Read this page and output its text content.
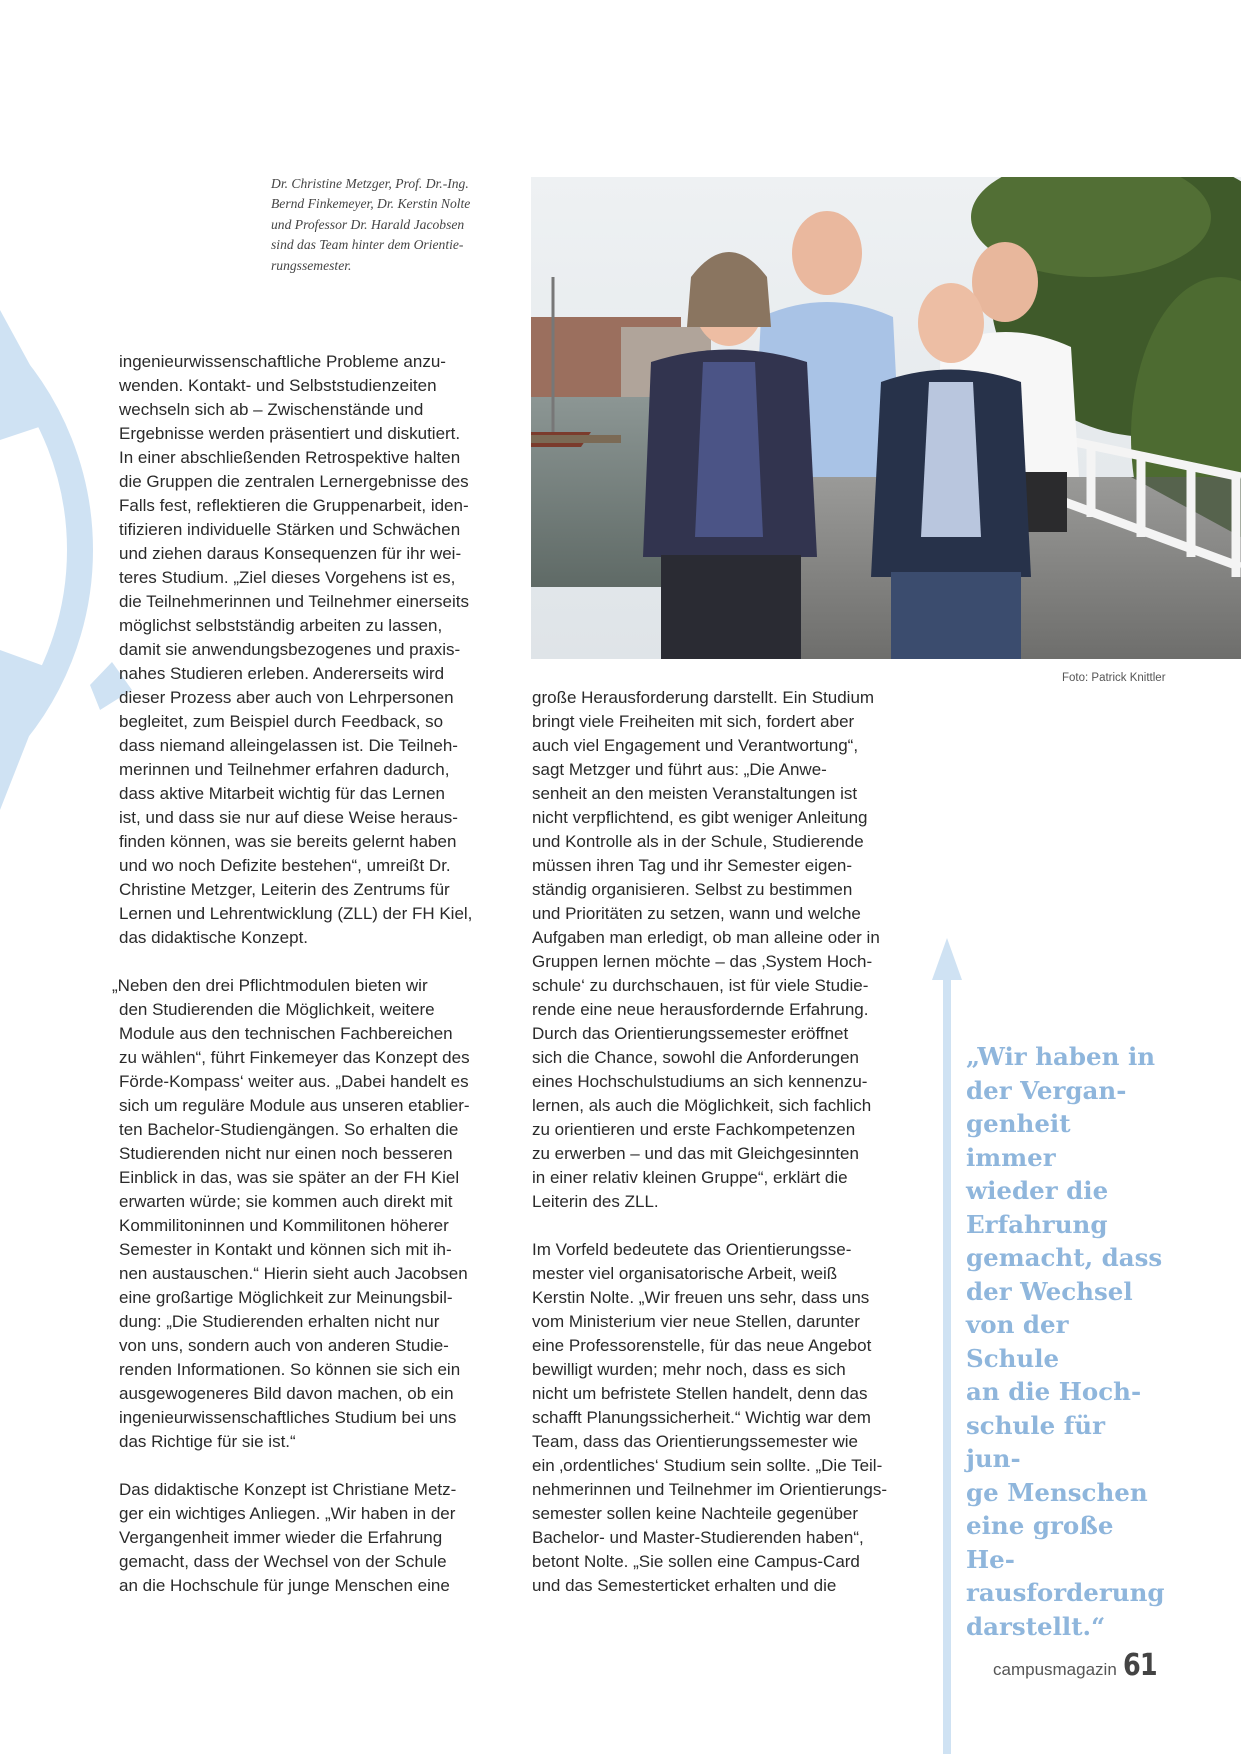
Dr. Christine Metzger, Prof. Dr.-Ing.
Bernd Finkemeyer, Dr. Kerstin Nolte
und Professor Dr. Harald Jacobsen
sind das Team hinter dem Orientie-
rungssemester.
Foto: Patrick Knittler

ingenieurwissenschaftliche Probleme anzu-
wenden. Kontakt- und Selbststudienzeiten
wechseln sich ab – Zwischenstände und
Ergebnisse werden präsentiert und diskutiert.
In einer abschließenden Retrospektive halten
die Gruppen die zentralen Lernergebnisse des
Falls fest, reflektieren die Gruppenarbeit, iden-
tifizieren individuelle Stärken und Schwächen
und ziehen daraus Konsequenzen für ihr wei-
teres Studium. „Ziel dieses Vorgehens ist es,
die Teilnehmerinnen und Teilnehmer einerseits
möglichst selbstständig arbeiten zu lassen,
damit sie anwendungsbezogenes und praxis-
nahes Studieren erleben. Andererseits wird
dieser Prozess aber auch von Lehrpersonen
begleitet, zum Beispiel durch Feedback, so
dass niemand alleingelassen ist. Die Teilneh-
merinnen und Teilnehmer erfahren dadurch,
dass aktive Mitarbeit wichtig für das Lernen
ist, und dass sie nur auf diese Weise heraus-
finden können, was sie bereits gelernt haben
und wo noch Defizite bestehen“, umreißt Dr.
Christine Metzger, Leiterin des Zentrums für
Lernen und Lehrentwicklung (ZLL) der FH Kiel,
das didaktische Konzept.

„Neben den drei Pflichtmodulen bieten wir
den Studierenden die Möglichkeit, weitere
Module aus den technischen Fachbereichen
zu wählen“, führt Finkemeyer das Konzept des
Förde-Kompass‘ weiter aus. „Dabei handelt es
sich um reguläre Module aus unseren etablier-
ten Bachelor-Studiengängen. So erhalten die
Studierenden nicht nur einen noch besseren
Einblick in das, was sie später an der FH Kiel
erwarten würde; sie kommen auch direkt mit
Kommilitoninnen und Kommilitonen höherer
Semester in Kontakt und können sich mit ih-
nen austauschen.“ Hierin sieht auch Jacobsen
eine großartige Möglichkeit zur Meinungsbil-
dung: „Die Studierenden erhalten nicht nur
von uns, sondern auch von anderen Studie-
renden Informationen. So können sie sich ein
ausgewogeneres Bild davon machen, ob ein
ingenieurwissenschaftliches Studium bei uns
das Richtige für sie ist.“

Das didaktische Konzept ist Christiane Metz-
ger ein wichtiges Anliegen. „Wir haben in der
Vergangenheit immer wieder die Erfahrung
gemacht, dass der Wechsel von der Schule
an die Hochschule für junge Menschen eine

große Herausforderung darstellt. Ein Studium
bringt viele Freiheiten mit sich, fordert aber
auch viel Engagement und Verantwortung“,
sagt Metzger und führt aus: „Die Anwe-
senheit an den meisten Veranstaltungen ist
nicht verpflichtend, es gibt weniger Anleitung
und Kontrolle als in der Schule, Studierende
müssen ihren Tag und ihr Semester eigen-
ständig organisieren. Selbst zu bestimmen
und Prioritäten zu setzen, wann und welche
Aufgaben man erledigt, ob man alleine oder in
Gruppen lernen möchte – das ‚System Hoch-
schule‘ zu durchschauen, ist für viele Studie-
rende eine neue herausfordernde Erfahrung.
Durch das Orientierungssemester eröffnet
sich die Chance, sowohl die Anforderungen
eines Hochschulstudiums an sich kennenzu-
lernen, als auch die Möglichkeit, sich fachlich
zu orientieren und erste Fachkompetenzen
zu erwerben – und das mit Gleichgesinnten
in einer relativ kleinen Gruppe“, erklärt die
Leiterin des ZLL.

Im Vorfeld bedeutete das Orientierungsse-
mester viel organisatorische Arbeit, weiß
Kerstin Nolte. „Wir freuen uns sehr, dass uns
vom Ministerium vier neue Stellen, darunter
eine Professorenstelle, für das neue Angebot
bewilligt wurden; mehr noch, dass es sich
nicht um befristete Stellen handelt, denn das
schafft Planungssicherheit.“ Wichtig war dem
Team, dass das Orientierungssemester wie
ein ‚ordentliches‘ Studium sein sollte. „Die Teil-
nehmerinnen und Teilnehmer im Orientierungs-
semester sollen keine Nachteile gegenüber
Bachelor- und Master-Studierenden haben“,
betont Nolte. „Sie sollen eine Campus-Card
und das Semesterticket erhalten und die

„Wir haben in
der Vergan-
genheit immer
wieder die
Erfahrung
gemacht, dass
der Wechsel
von der Schule
an die Hoch-
schule für jun-
ge Menschen
eine große He-
rausforderung
darstellt.“
campusmagazin 61
